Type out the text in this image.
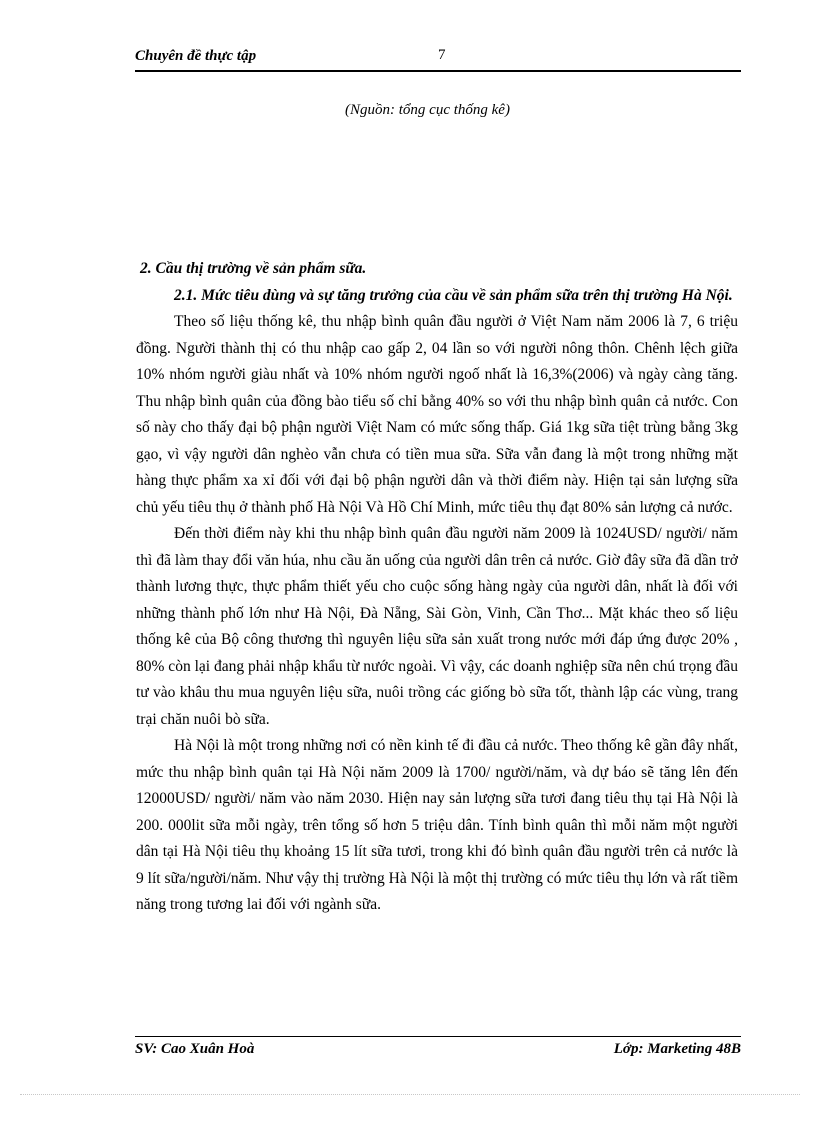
Chuyên đề thực tập	7
(Nguồn: tổng cục thống kê)

2. Cầu thị trường về sản phẩm sữa.

2.1. Mức tiêu dùng và sự tăng trưởng của cầu về sản phẩm sữa trên thị trường Hà Nội.

Theo số liệu thống kê, thu nhập bình quân đầu người ở Việt Nam năm 2006 là 7, 6 triệu đồng. Người thành thị có thu nhập cao gấp 2, 04 lần so với người nông thôn. Chênh lệch giữa 10% nhóm người giàu nhất và 10% nhóm người ngoố nhất là 16,3%(2006) và ngày càng tăng. Thu nhập bình quân của đồng bào tiểu số chỉ bằng 40% so với thu nhập bình quân cả nước. Con số này cho thấy đại bộ phận người Việt Nam có mức sống thấp. Giá 1kg sữa tiệt trùng bằng 3kg gạo, vì vậy người dân nghèo vẫn chưa có tiền mua sữa. Sữa vẫn đang là một trong những mặt hàng thực phẩm xa xỉ đối với đại bộ phận người dân và thời điểm này. Hiện tại sản lượng sữa chủ yếu tiêu thụ ở thành phố Hà Nội Và Hồ Chí Minh, mức tiêu thụ đạt 80% sản lượng cả nước.

Đến thời điểm này khi thu nhập bình quân đầu người năm 2009 là 1024USD/ người/ năm thì đã làm thay đổi văn húa, nhu cầu ăn uống của người dân trên cả nước. Giờ đây sữa đã dần trở thành lương thực, thực phẩm thiết yếu cho cuộc sống hàng ngày của người dân, nhất là đối với những thành phố lớn như Hà Nội, Đà Nẵng, Sài Gòn, Vinh, Cần Thơ... Mặt khác theo số liệu thống kê của Bộ công thương thì nguyên liệu sữa sản xuất trong nước mới đáp ứng được 20% , 80% còn lại đang phải nhập khẩu từ nước ngoài. Vì vậy, các doanh nghiệp sữa nên chú trọng đầu tư vào khâu thu mua nguyên liệu sữa, nuôi trồng các giống bò sữa tốt, thành lập các vùng, trang trại chăn nuôi bò sữa.

Hà Nội là một trong những nơi có nền kinh tế đi đầu cả nước. Theo thống kê gần đây nhất, mức thu nhập bình quân tại Hà Nội năm 2009 là 1700/ người/năm, và dự báo sẽ tăng lên đến 12000USD/ người/ năm vào năm 2030. Hiện nay sản lượng sữa tươi đang tiêu thụ tại Hà Nội là 200. 000lit sữa mỗi ngày, trên tổng số hơn 5 triệu dân. Tính bình quân thì mỗi năm một người dân tại Hà Nội tiêu thụ khoảng 15 lít sữa tươi, trong khi đó bình quân đầu người trên cả nước là 9 lít sữa/người/năm. Như vậy thị trường Hà Nội là một thị trường có mức tiêu thụ lớn và rất tiềm năng trong tương lai đối với ngành sữa.

SV: Cao Xuân Hoà	Lớp: Marketing 48B
